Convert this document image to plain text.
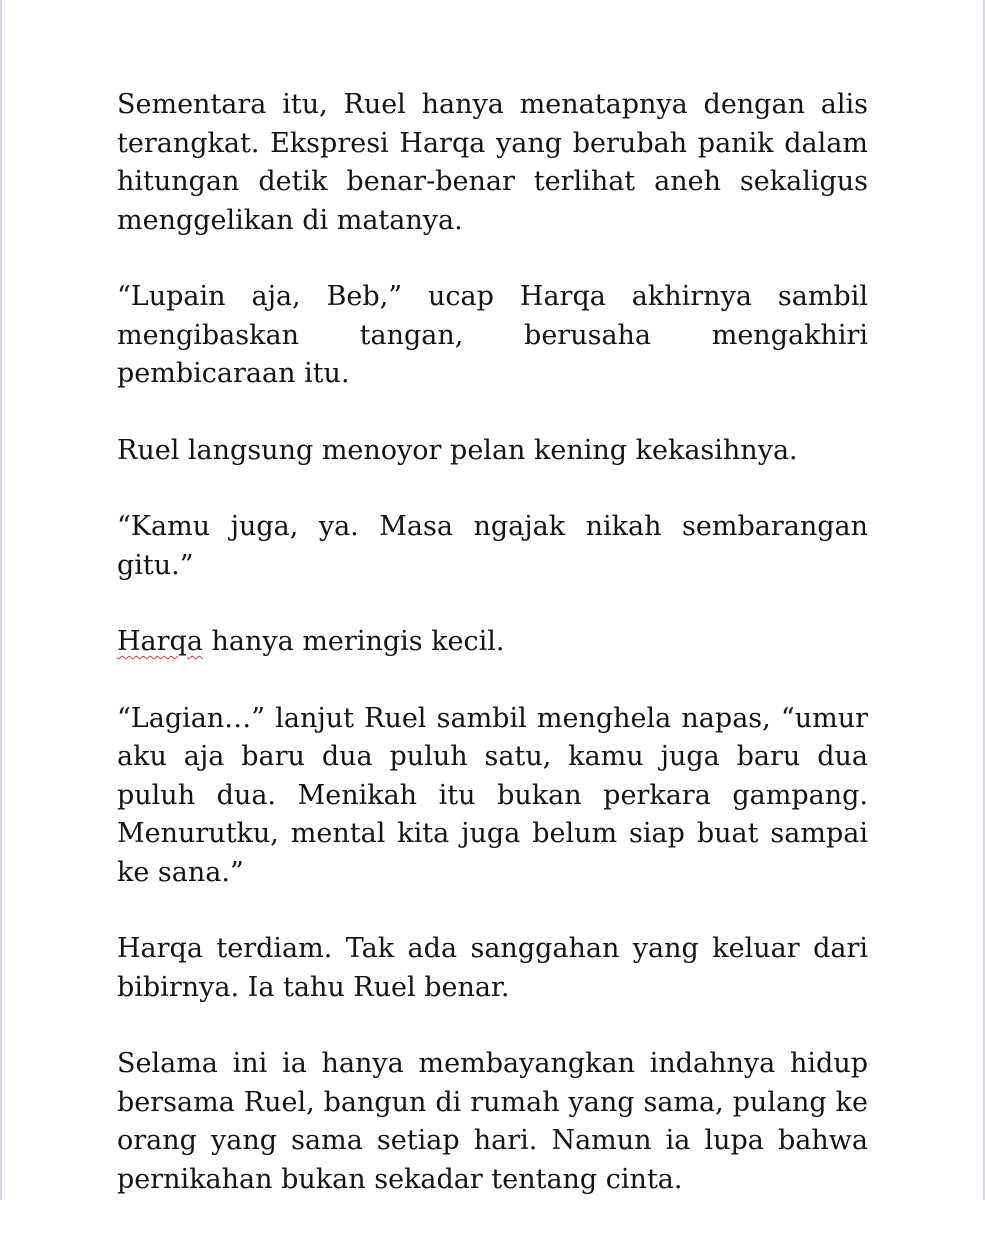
Sementara itu, Ruel hanya menatapnya dengan alis terangkat. Ekspresi Harqa yang berubah panik dalam hitungan detik benar-benar terlihat aneh sekaligus menggelikan di matanya.

“Lupain aja, Beb,” ucap Harqa akhirnya sambil mengibaskan tangan, berusaha mengakhiri pembicaraan itu.

Ruel langsung menoyor pelan kening kekasihnya.

“Kamu juga, ya. Masa ngajak nikah sembarangan gitu.”

Harqa hanya meringis kecil.

“Lagian…” lanjut Ruel sambil menghela napas, “umur aku aja baru dua puluh satu, kamu juga baru dua puluh dua. Menikah itu bukan perkara gampang. Menurutku, mental kita juga belum siap buat sampai ke sana.”

Harqa terdiam. Tak ada sanggahan yang keluar dari bibirnya. Ia tahu Ruel benar.

Selama ini ia hanya membayangkan indahnya hidup bersama Ruel, bangun di rumah yang sama, pulang ke orang yang sama setiap hari. Namun ia lupa bahwa pernikahan bukan sekadar tentang cinta.
